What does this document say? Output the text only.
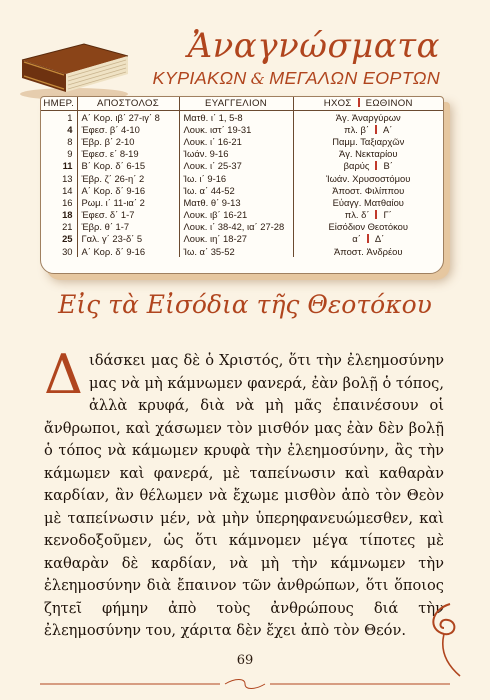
Ἀναγνώσματα
ΚΥΡΙΑΚΩΝ & ΜΕΓΑΛΩΝ ΕΟΡΤΩΝ
ΗΜΕΡ.	ΑΠΟΣΤΟΛΟΣ	ΕΥΑΓΓΕΛΙΟΝ	ΗΧΟΣ ΕΩΘΙΝΟΝ
1	Α΄ Κορ. ιβ΄ 27-ιγ΄ 8	Ματθ. ι΄ 1, 5-8	Ἁγ. Ἀναργύρων
4	Ἐφεσ. β΄ 4-10	Λουκ. ιστ΄ 19-31	πλ. β΄ Α΄
8	Ἑβρ. β΄ 2-10	Λουκ. ι΄ 16-21	Παμμ. Ταξιαρχῶν
9	Ἐφεσ. ε΄ 8-19	Ἰωάν. 9-16	Ἁγ. Νεκταρίου
11	Β΄ Κορ. δ΄ 6-15	Λουκ. ι΄ 25-37	βαρύς Β΄
13	Ἑβρ. ζ΄ 26-η΄ 2	Ἰω. ι΄ 9-16	Ἰωάν. Χρυσοστόμου
14	Α΄ Κορ. δ΄ 9-16	Ἰω. α΄ 44-52	Ἀποστ. Φιλίππου
16	Ρωμ. ι΄ 11-ια΄ 2	Ματθ. θ΄ 9-13	Εὐαγγ. Ματθαίου
18	Ἐφεσ. δ΄ 1-7	Λουκ. ιβ΄ 16-21	πλ. δ΄ Γ΄
21	Ἑβρ. θ΄ 1-7	Λουκ. ι΄ 38-42, ια΄ 27-28	Εἰσόδιον Θεοτόκου
25	Γαλ. γ΄ 23-δ΄ 5	Λουκ. ιη΄ 18-27	α΄ Δ΄
30	Α΄ Κορ. δ΄ 9-16	Ἰω. α΄ 35-52	Ἀποστ. Ἀνδρέου
Εἰς τὰ Εἰσόδια τῆς Θεοτόκου
Διδάσκει μας δὲ ὁ Χριστός, ὅτι τὴν ἐλεημοσύνην μας νὰ μὴ κάμνωμεν φανερά, ἐὰν βολῇ ὁ τόπος, ἀλλὰ κρυφά, διὰ νὰ μὴ μᾶς ἐπαινέσουν οἱ ἄνθρωποι, καὶ χάσωμεν τὸν μισθόν μας ἐὰν δὲν βολῇ ὁ τόπος νὰ κάμωμεν κρυφὰ τὴν ἐλεημοσύνην, ἂς τὴν κάμωμεν καὶ φανερά, μὲ ταπείνωσιν καὶ καθαρὰν καρδίαν, ἂν θέλωμεν νὰ ἔχωμε μισθὸν ἀπὸ τὸν Θεὸν μὲ ταπείνωσιν μέν, νὰ μὴν ὑπερηφανευώμεσθεν, καὶ κενοδοξοῦμεν, ὡς ὅτι κάμνομεν μέγα τίποτες μὲ καθαρὰν δὲ καρδίαν, νὰ μὴ τὴν κάμνωμεν τὴν ἐλεημοσύνην διὰ ἔπαινον τῶν ἀνθρώπων, ὅτι ὅποιος ζητεῖ φήμην ἀπὸ τοὺς ἀνθρώπους διά τὴν ἐλεημοσύνην του, χάριτα δὲν ἔχει ἀπὸ τὸν Θεόν.
69
